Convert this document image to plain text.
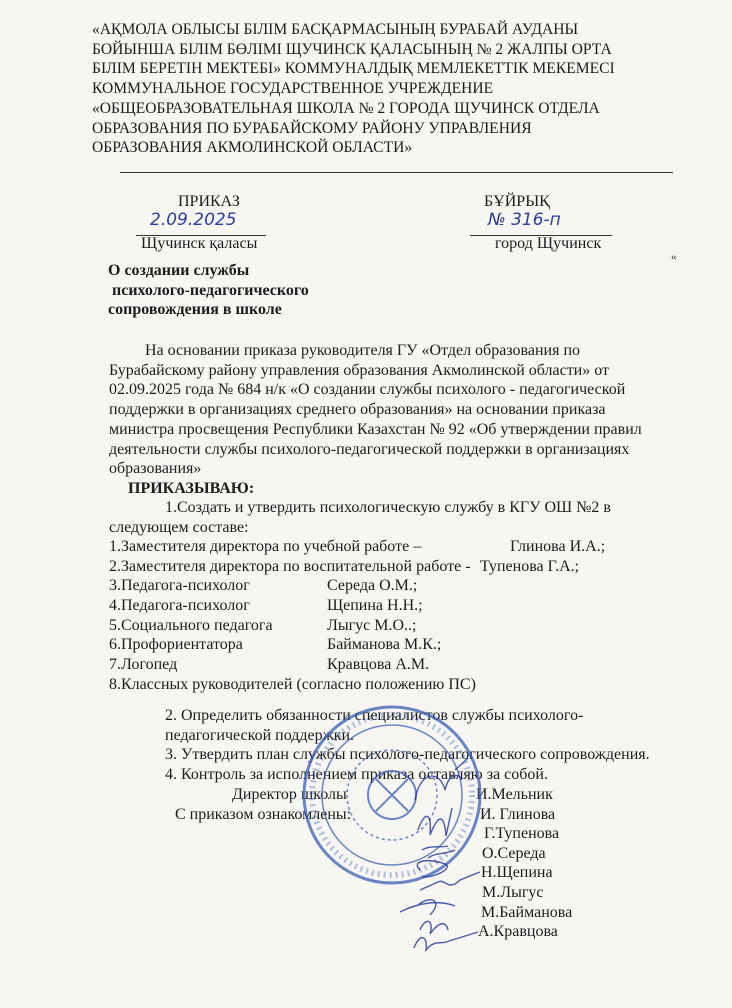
«АҚМОЛА ОБЛЫСЫ БІЛІМ БАСҚАРМАСЫНЫҢ БУРАБАЙ АУДАНЫ
БОЙЫНША БІЛІМ БӨЛІМІ ЩУЧИНСК ҚАЛАСЫНЫҢ № 2 ЖАЛПЫ ОРТА
БІЛІМ БЕРЕТІН МЕКТЕБІ» КОММУНАЛДЫҚ МЕМЛЕКЕТТІК МЕКЕМЕСІ
КОММУНАЛЬНОЕ ГОСУДАРСТВЕННОЕ УЧРЕЖДЕНИЕ
«ОБЩЕОБРАЗОВАТЕЛЬНАЯ ШКОЛА № 2 ГОРОДА ЩУЧИНСК ОТДЕЛА
ОБРАЗОВАНИЯ ПО БУРАБАЙСКОМУ РАЙОНУ УПРАВЛЕНИЯ
ОБРАЗОВАНИЯ АКМОЛИНСКОЙ ОБЛАСТИ»
ПРИКАЗ
2.09.2025
Щучинск қаласы
БҰЙРЫҚ
№ 316-п
город Щучинск
«
О создании службы
психолого-педагогического
сопровождения в школе
На основании приказа руководителя ГУ «Отдел образования по
Бурабайскому району управления образования Акмолинской области» от
02.09.2025 года № 684 н/к «О создании службы психолого - педагогической
поддержки в организациях среднего образования» на основании приказа
министра просвещения Республики Казахстан № 92 «Об утверждении правил
деятельности службы психолого-педагогической поддержки в организациях
образования»
ПРИКАЗЫВАЮ:
1.Создать и утвердить психологическую службу в КГУ ОШ №2 в
следующем составе:
1.Заместителя директора по учебной работе –	Глинова И.А.;
2.Заместителя директора по воспитательной работе - Тупенова Г.А.;
3.Педагога-психолог	Середа О.М.;
4.Педагога-психолог	Щепина Н.Н.;
5.Социального педагога	Лыгус М.О..;
6.Профориентатора	Байманова М.К.;
7.Логопед	Кравцова А.М.
8.Классных руководителей (согласно положению ПС)
2. Определить обязанности специалистов службы психолого-
педагогической поддержки.
3. Утвердить план службы психолого-педагогического сопровождения.
4. Контроль за исполнением приказа оставляю за собой.
Директор школы
С приказом ознакомлены:
И.Мельник
И. Глинова
Г.Тупенова
О.Середа
Н.Щепина
М.Лыгус
М.Байманова
А.Кравцова
